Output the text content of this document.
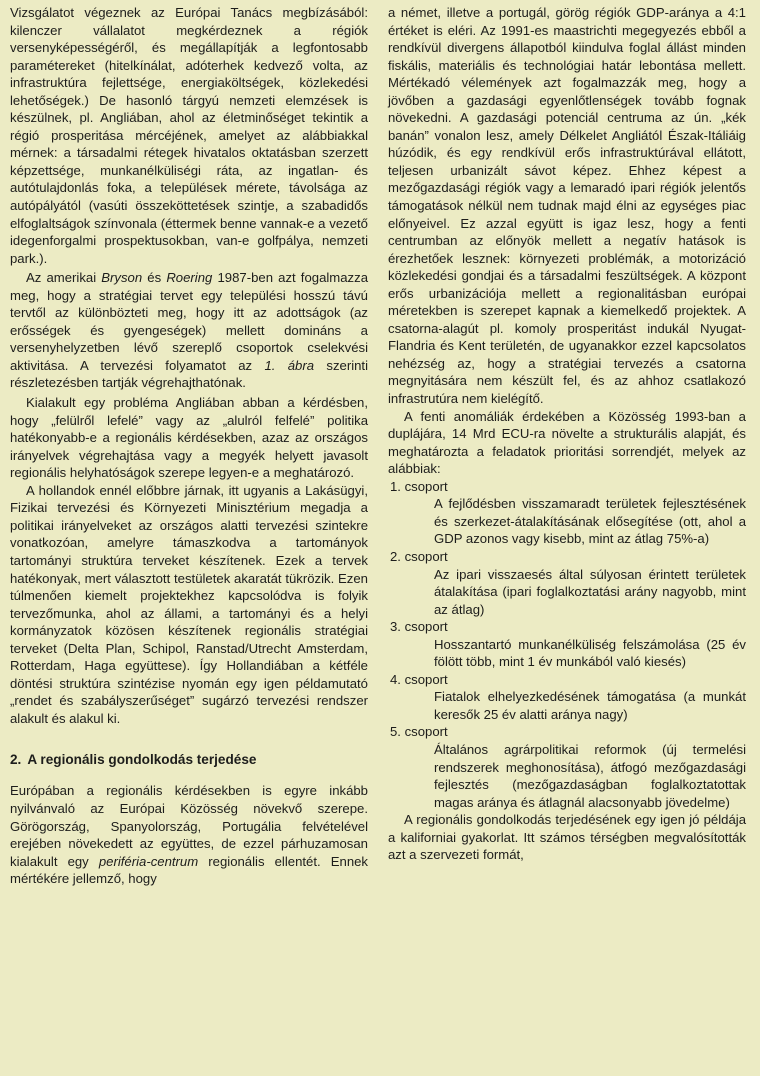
Vizsgálatot végeznek az Európai Tanács megbízásából: kilenczer vállalatot megkérdeznek a régiók versenyképességéről, és megállapítják a legfontosabb paramétereket (hitelkínálat, adóterhek kedvező volta, az infrastruktúra fejlettsége, energiaköltségek, közlekedési lehetőségek.) De hasonló tárgyú nemzeti elemzések is készülnek, pl. Angliában, ahol az életminőséget tekintik a régió prosperitása mércéjének, amelyet az alábbiakkal mérnek: a társadalmi rétegek hivatalos oktatásban szerzett képzettsége, munkanélküliségi ráta, az ingatlan- és autótulajdonlás foka, a települések mérete, távolsága az autópályától (vasúti összeköttetések szintje, a szabadidős elfoglaltságok színvonala (éttermek benne vannak-e a vezető idegenforgalmi prospektusokban, van-e golfpálya, nemzeti park.).

Az amerikai Bryson és Roering 1987-ben azt fogalmazza meg, hogy a stratégiai tervet egy települési hosszú távú tervtől az különbözteti meg, hogy itt az adottságok (az erősségek és gyengeségek) mellett domináns a versenyhelyzetben lévő szereplő csoportok cselekvési aktivitása. A tervezési folyamatot az 1. ábra szerinti részletezésben tartják végrehajthatónak.

Kialakult egy probléma Angliában abban a kérdésben, hogy „felülről lefelé” vagy az „alulról felfelé” politika hatékonyabb-e a regionális kérdésekben, azaz az országos irányelvek végrehajtása vagy a megyék helyett javasolt regionális helyhatóságok szerepe legyen-e a meghatározó.

A hollandok ennél előbbre járnak, itt ugyanis a Lakásügyi, Fizikai tervezési és Környezeti Minisztérium megadja a politikai irányelveket az országos alatti tervezési szintekre vonatkozóan, amelyre támaszkodva a tartományok tartományi struktúra terveket készítenek. Ezek a tervek hatékonyak, mert választott testületek akaratát tükrözik. Ezen túlmenően kiemelt projektekhez kapcsolódva is folyik tervezőmunka, ahol az állami, a tartományi és a helyi kormányzatok közösen készítenek regionális stratégiai terveket (Delta Plan, Schipol, Ranstad/Utrecht Amsterdam, Rotterdam, Haga együttese). Így Hollandiában a kétféle döntési struktúra szintézise nyomán egy igen példamutató „rendet és szabályszerűséget” sugárzó tervezési rendszer alakult és alakul ki.

2. A regionális gondolkodás terjedése

Európában a regionális kérdésekben is egyre inkább nyilvánvaló az Európai Közösség növekvő szerepe. Görögország, Spanyolország, Portugália felvételével erejében növekedett az együttes, de ezzel párhuzamosan kialakult egy periféria-centrum regionális ellentét. Ennek mértékére jellemző, hogy

a német, illetve a portugál, görög régiók GDP-aránya a 4:1 értéket is eléri. Az 1991-es maastrichti megegyezés ebből a rendkívül divergens állapotból kiindulva foglal állást minden fiskális, materiális és technológiai határ lebontása mellett. Mértékadó vélemények azt fogalmazzák meg, hogy a jövőben a gazdasági egyenlőtlenségek tovább fognak növekedni. A gazdasági potenciál centruma az ún. „kék banán” vonalon lesz, amely Délkelet Angliától Észak-Itáliáig húzódik, és egy rendkívül erős infrastruktúrával ellátott, teljesen urbanizált sávot képez. Ehhez képest a mezőgazdasági régiók vagy a lemaradó ipari régiók jelentős támogatások nélkül nem tudnak majd élni az egységes piac előnyeivel. Ez azzal együtt is igaz lesz, hogy a fenti centrumban az előnyök mellett a negatív hatások is érezhetőek lesznek: környezeti problémák, a motorizáció közlekedési gondjai és a társadalmi feszültségek. A központ erős urbanizációja mellett a regionalitásban európai méretekben is szerepet kapnak a kiemelkedő projektek. A csatorna-alagút pl. komoly prosperitást indukál Nyugat-Flandria és Kent területén, de ugyanakkor ezzel kapcsolatos nehézség az, hogy a stratégiai tervezés a csatorna megnyitására nem készült fel, és az ahhoz csatlakozó infrastrutúra nem kielégítő.

A fenti anomáliák érdekében a Közösség 1993-ban a duplájára, 14 Mrd ECU-ra növelte a strukturális alapját, és meghatározta a feladatok prioritási sorrendjét, melyek az alábbiak:

1. csoport
A fejlődésben visszamaradt területek fejlesztésének és szerkezet-átalakításának elősegítése (ott, ahol a GDP azonos vagy kisebb, mint az átlag 75%-a)
2. csoport
Az ipari visszaesés által súlyosan érintett területek átalakítása (ipari foglalkoztatási arány nagyobb, mint az átlag)
3. csoport
Hosszantartó munkanélküliség felszámolása (25 év fölött több, mint 1 év munkából való kiesés)
4. csoport
Fiatalok elhelyezkedésének támogatása (a munkát keresők 25 év alatti aránya nagy)
5. csoport
Általános agrárpolitikai reformok (új termelési rendszerek meghonosítása), átfogó mezőgazdasági fejlesztés (mezőgazdaságban foglalkoztatottak magas aránya és átlagnál alacsonyabb jövedelme)

A regionális gondolkodás terjedésének egy igen jó példája a kaliforniai gyakorlat. Itt számos térségben megvalósították azt a szervezeti formát,
